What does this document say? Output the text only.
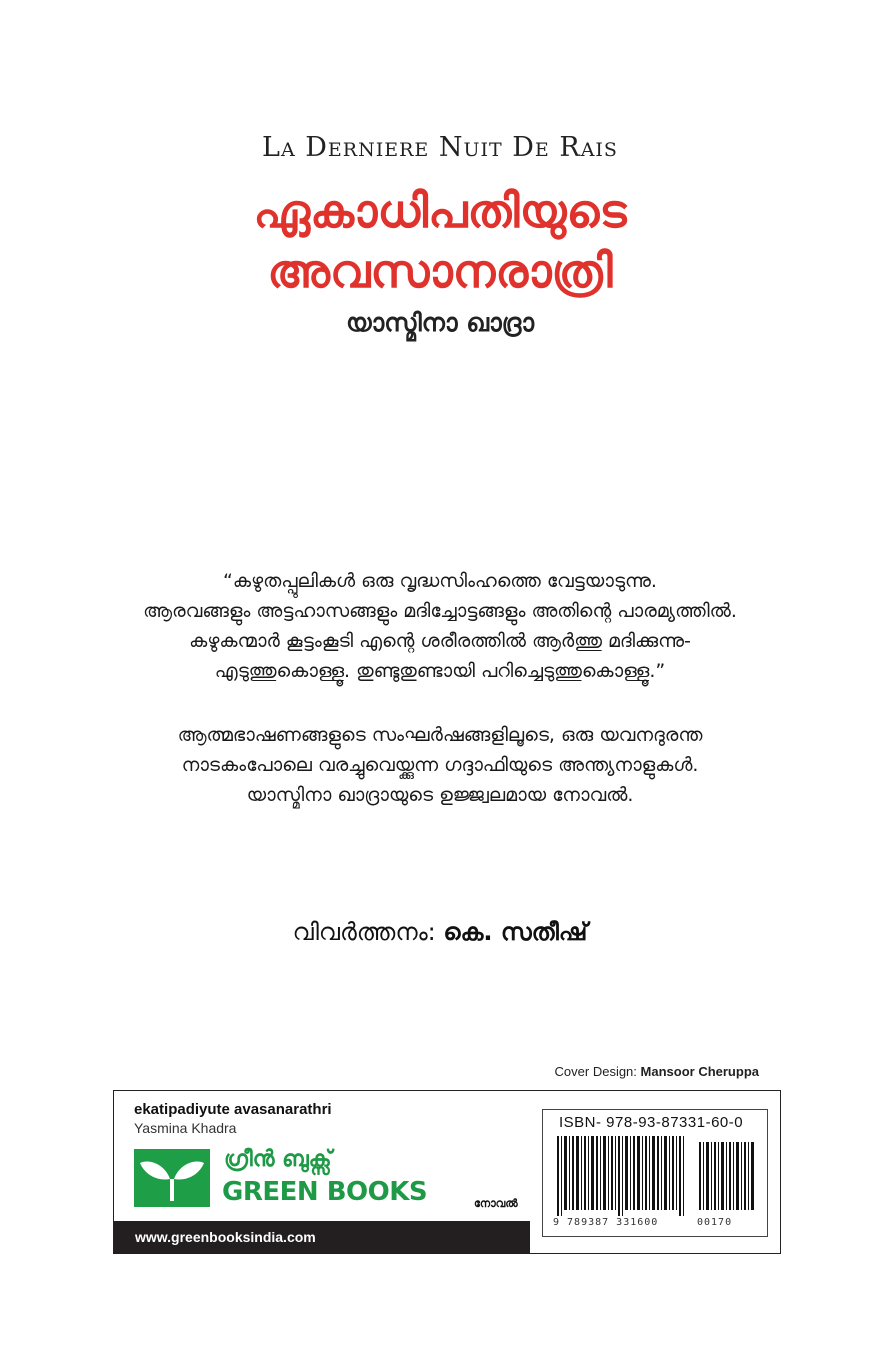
La Derniere Nuit De Rais
ഏകാധിപതിയുടെ
അവസാനരാത്രി
യാസ്മിനാ ഖാദ്രാ
“കഴുതപ്പുലികൾ ഒരു വൃദ്ധസിംഹത്തെ വേട്ടയാടുന്നു.
ആരവങ്ങളും അട്ടഹാസങ്ങളും മദിച്ചോട്ടങ്ങളും അതിന്റെ പാരമ്യത്തിൽ.
കഴുകന്മാർ കൂട്ടംകൂടി എന്റെ ശരീരത്തിൽ ആർത്തു മദിക്കുന്നു-
എടുത്തുകൊള്ളൂ. തുണ്ടുതുണ്ടായി പറിച്ചെടുത്തുകൊള്ളൂ.”
ആത്മഭാഷണങ്ങളുടെ സംഘർഷങ്ങളിലൂടെ, ഒരു യവനദുരന്ത
നാടകംപോലെ വരച്ചുവെയ്ക്കുന്ന ഗദ്ദാഫിയുടെ അന്ത്യനാളുകൾ.
യാസ്മിനാ ഖാദ്രായുടെ ഉജ്ജ്വലമായ നോവൽ.
വിവർത്തനം: കെ. സതീഷ്
Cover Design: Mansoor Cheruppa
ekatipadiyute avasanarathri
Yasmina Khadra
ഗ്രീൻ ബുക്സ്
GREEN BOOKS	നോവൽ
www.greenbooksindia.com
ISBN- 978-93-87331-60-0
9 789387 331600	00170
